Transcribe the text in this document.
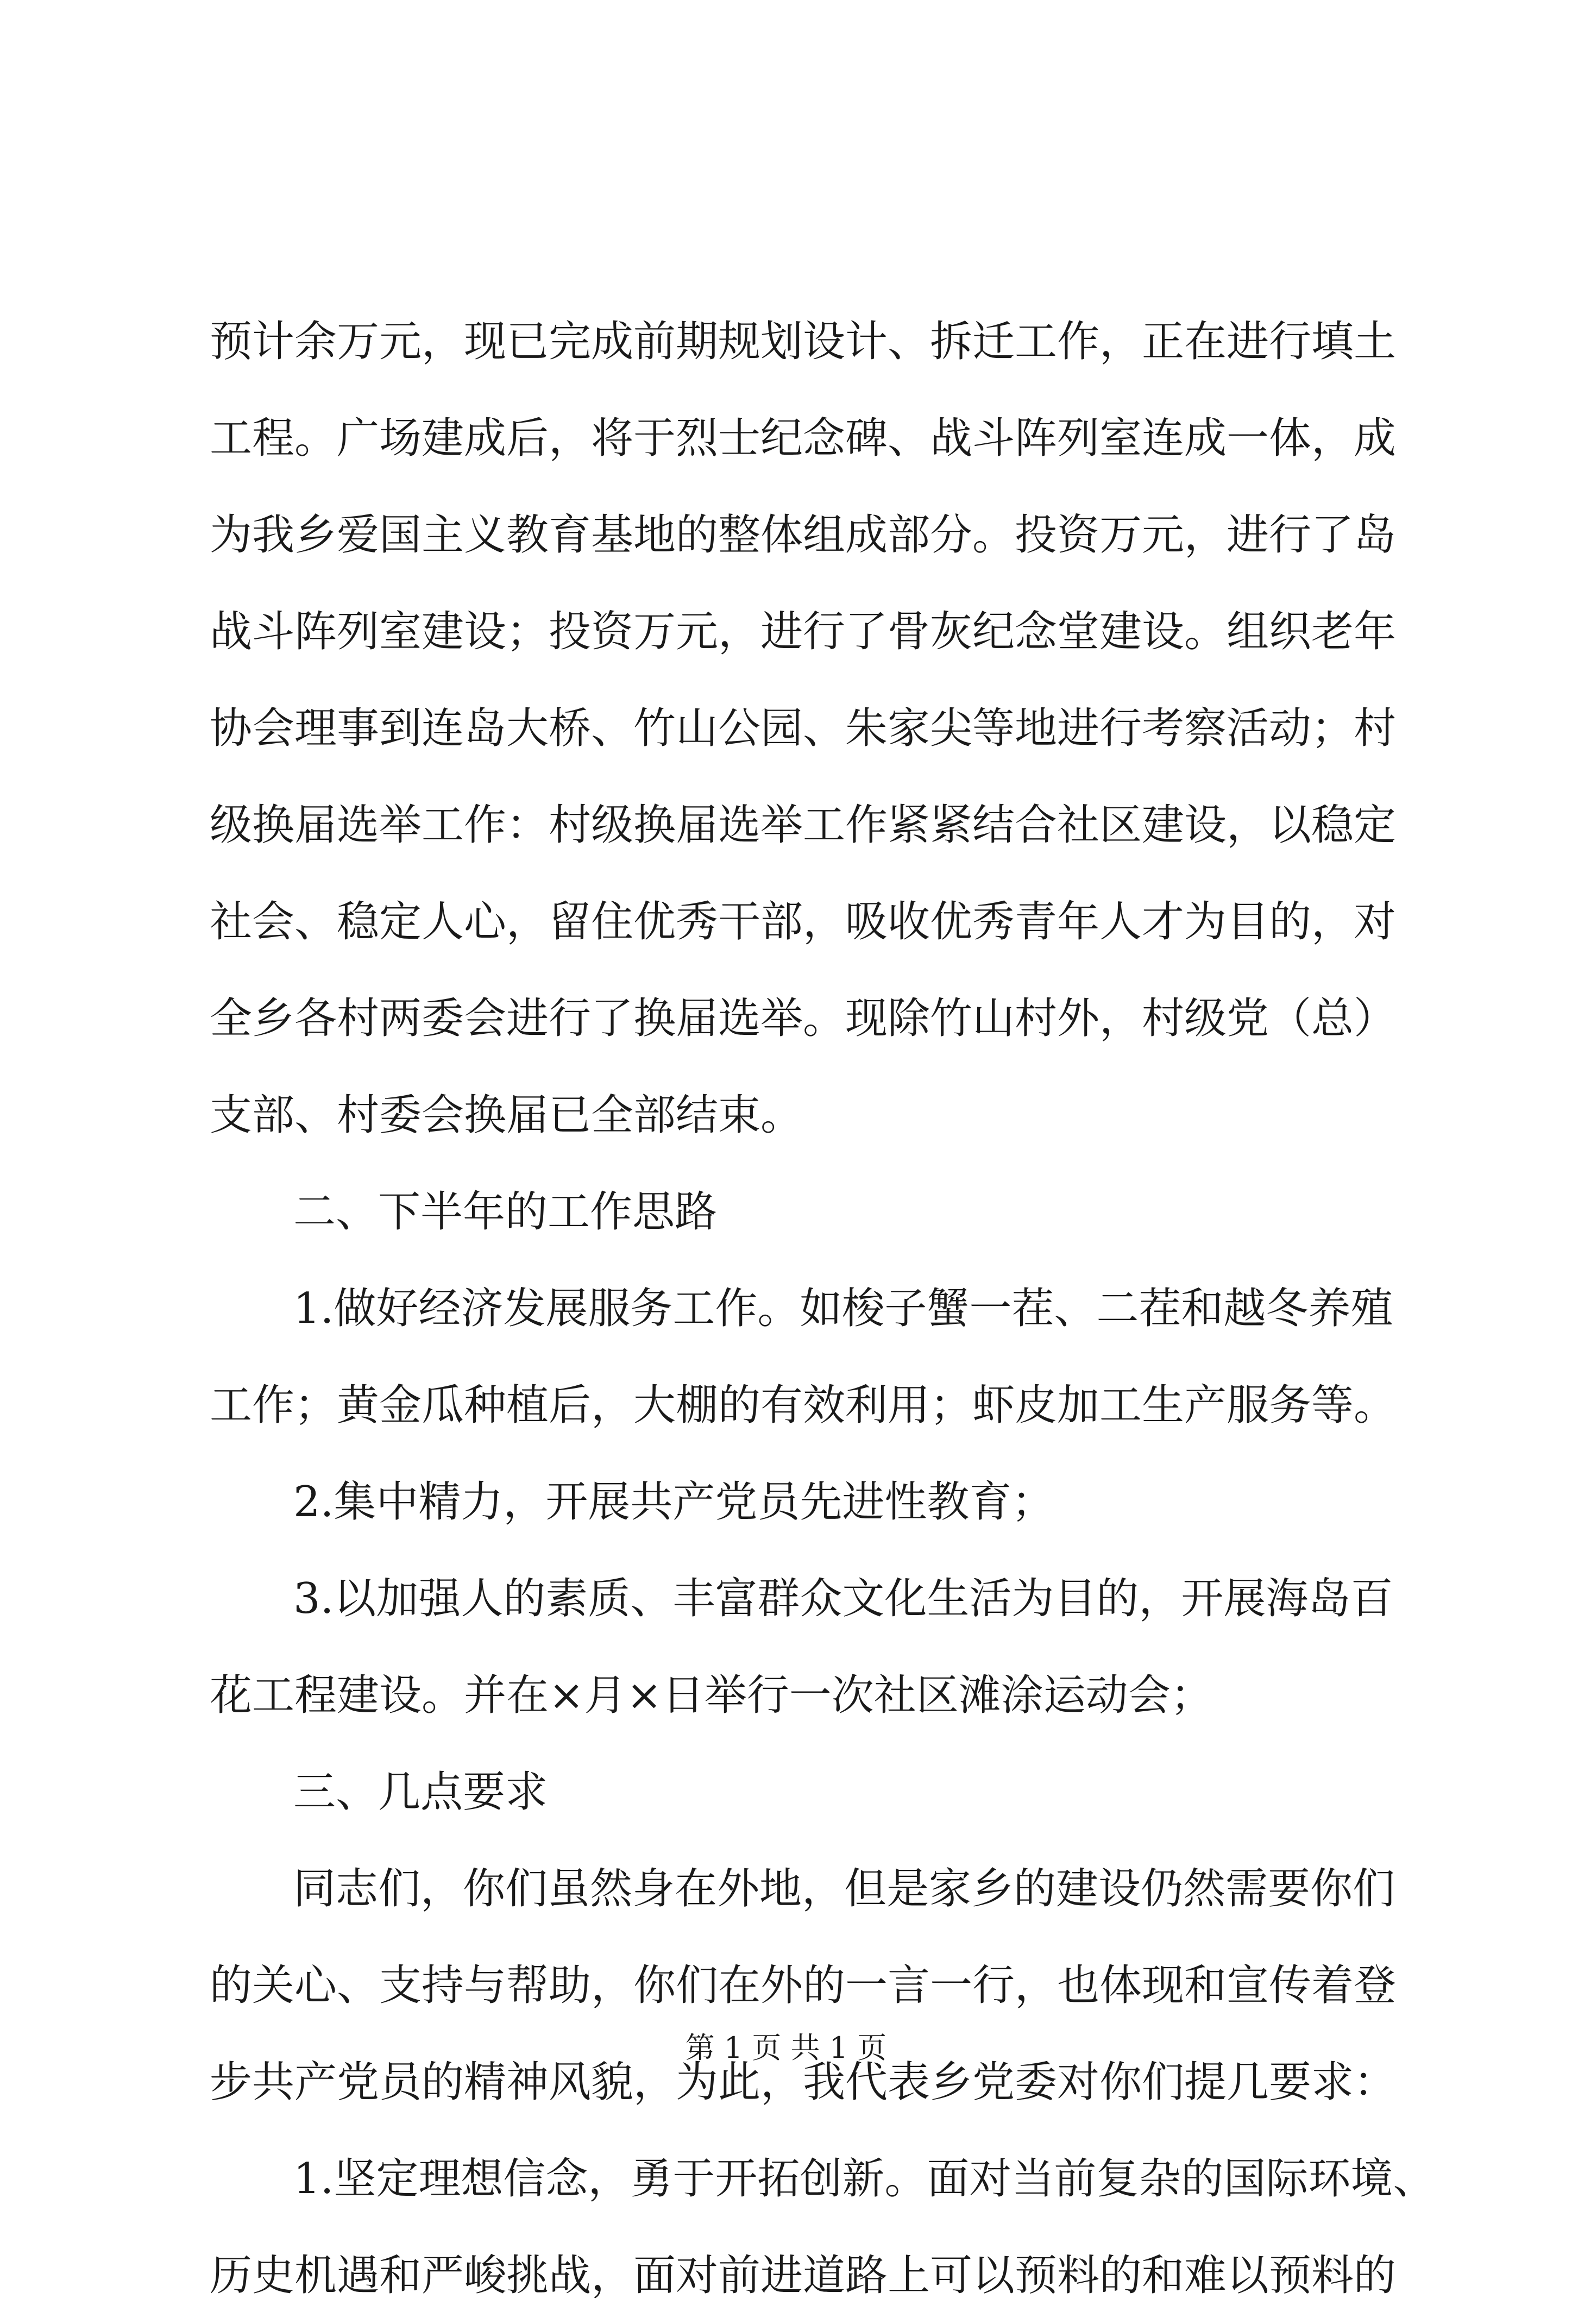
预计余万元，现已完成前期规划设计、拆迁工作，正在进行填土
工程。广场建成后，将于烈士纪念碑、战斗阵列室连成一体，成
为我乡爱国主义教育基地的整体组成部分。投资万元，进行了岛
战斗阵列室建设；投资万元，进行了骨灰纪念堂建设。组织老年
协会理事到连岛大桥、竹山公园、朱家尖等地进行考察活动；村
级换届选举工作：村级换届选举工作紧紧结合社区建设，以稳定
社会、稳定人心，留住优秀干部，吸收优秀青年人才为目的，对
全乡各村两委会进行了换届选举。现除竹山村外，村级党（总）
支部、村委会换届已全部结束。
二、下半年的工作思路
1.做好经济发展服务工作。如梭子蟹一茬、二茬和越冬养殖
工作；黄金瓜种植后，大棚的有效利用；虾皮加工生产服务等。
2.集中精力，开展共产党员先进性教育；
3.以加强人的素质、丰富群众文化生活为目的，开展海岛百
花工程建设。并在×月×日举行一次社区滩涂运动会；
三、几点要求
同志们，你们虽然身在外地，但是家乡的建设仍然需要你们
的关心、支持与帮助，你们在外的一言一行，也体现和宣传着登
步共产党员的精神风貌，为此，我代表乡党委对你们提几要求：
1.坚定理想信念，勇于开拓创新。面对当前复杂的国际环境、
历史机遇和严峻挑战，面对前进道路上可以预料的和难以预料的
第 1 页 共 1 页
